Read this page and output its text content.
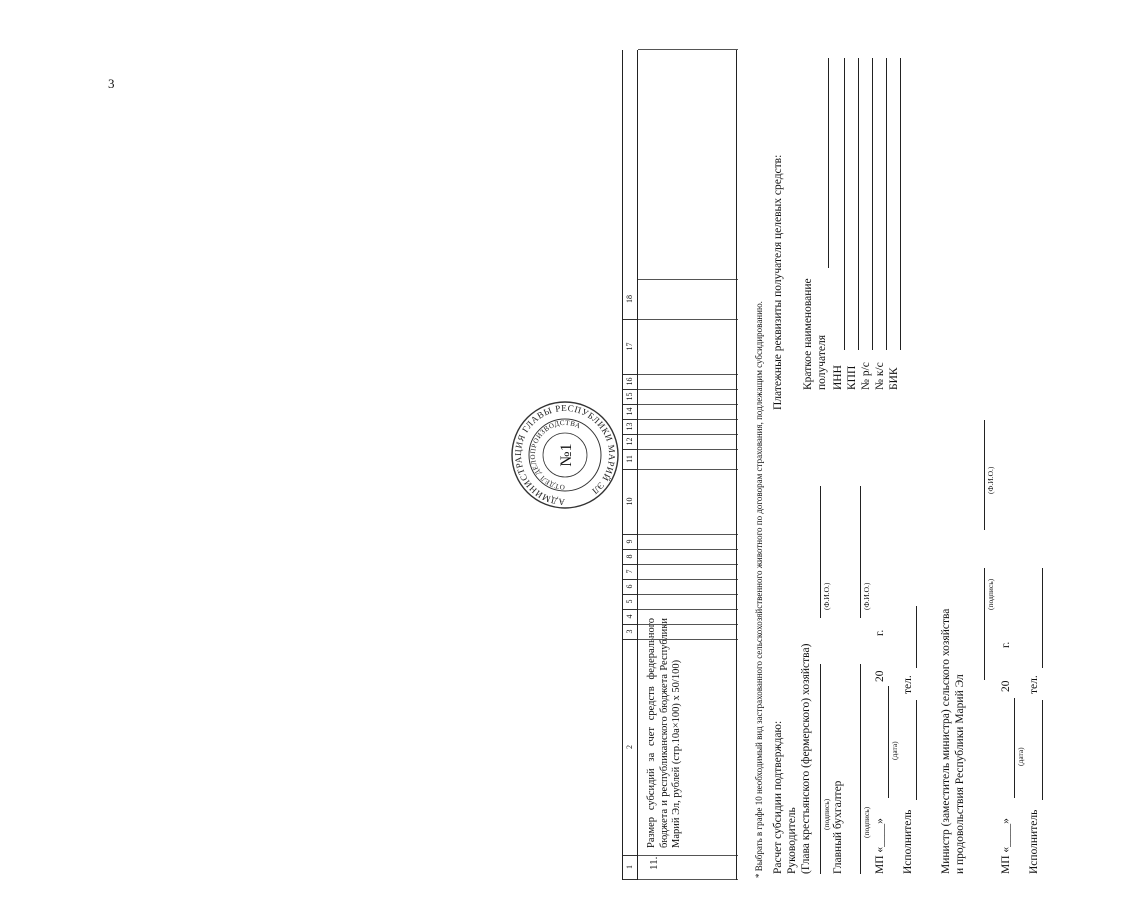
3
1
2
3
4
5
6
7
8
9
10
11
12
13
14
15
16
17
18
11.
Размер субсидий за счет средств федерального бюджета и республиканского бюджета Республики Марий Эл, рублей (стр.10а×100) х 50/100)	* Выбрать в графе 10 необходимый вид застрахованного сельскохозяйственного животного по договорам страхования, подлежащим субсидированию. Расчет субсидии подтверждаю: Руководитель (Глава крестьянского (фермерского) хозяйства) (подпись)
(Ф.И.О.)
Главный бухгалтер (подпись)
(Ф.И.О.)
МП «____»
20
г.
(дата)
Исполнитель
тел.
Платежные реквизиты получателя целевых средств: Краткое наименование получателя ИНН КПП № р/с № к/с БИК
Министр (заместитель министра) сельского хозяйства и продовольствия Республики Марий Эл
(подпись)
(Ф.И.О.)
МП «____»
20
г.
(дата)
Исполнитель
тел.
АДМИНИСТРАЦИЯ ГЛАВЫ РЕСПУБЛИКИ МАРИЙ ЭЛ
ОТДЕЛ ДЕЛОПРОИЗВОДСТВА
№1
